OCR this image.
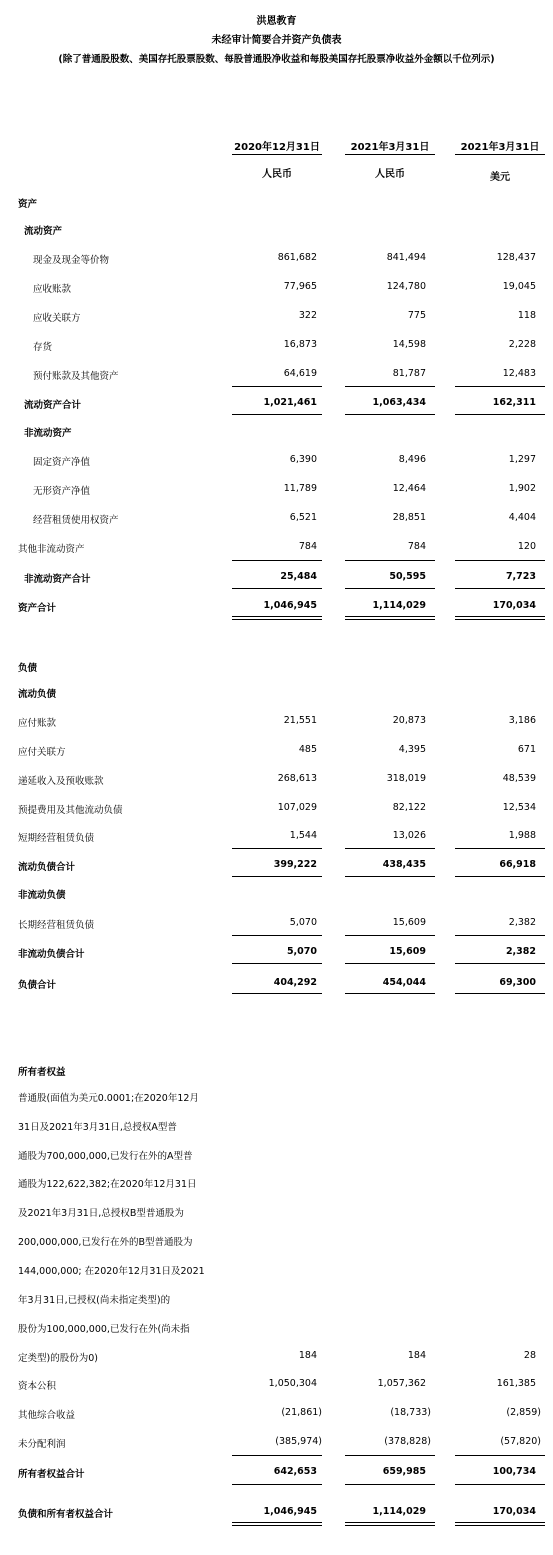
洪恩教育
未经审计简要合并资产负债表
(除了普通股股数、美国存托股票股数、每股普通股净收益和每股美国存托股票净收益外金额以千位列示)
2020年12月31日	2021年3月31日	2021年3月31日
人民币	人民币	美元
资产
流动资产
现金及现金等价物	861,682	841,494	128,437
应收账款	77,965	124,780	19,045
应收关联方	322	775	118
存货	16,873	14,598	2,228
预付账款及其他资产	64,619	81,787	12,483
流动资产合计	1,021,461	1,063,434	162,311
非流动资产
固定资产净值	6,390	8,496	1,297
无形资产净值	11,789	12,464	1,902
经营租赁使用权资产	6,521	28,851	4,404
其他非流动资产	784	784	120
非流动资产合计	25,484	50,595	7,723
资产合计	1,046,945	1,114,029	170,034
负债
流动负债
应付账款	21,551	20,873	3,186
应付关联方	485	4,395	671
递延收入及预收账款	268,613	318,019	48,539
预提费用及其他流动负债	107,029	82,122	12,534
短期经营租赁负债	1,544	13,026	1,988
流动负债合计	399,222	438,435	66,918
非流动负债
长期经营租赁负债	5,070	15,609	2,382
非流动负债合计	5,070	15,609	2,382
负债合计	404,292	454,044	69,300
所有者权益
普通股(面值为美元0.0001;在2020年12月
31日及2021年3月31日,总授权A型普
通股为700,000,000,已发行在外的A型普
通股为122,622,382;在2020年12月31日
及2021年3月31日,总授权B型普通股为
200,000,000,已发行在外的B型普通股为
144,000,000; 在2020年12月31日及2021
年3月31日,已授权(尚未指定类型)的
股份为100,000,000,已发行在外(尚未指
定类型)的股份为0)	184	184	28
资本公积	1,050,304	1,057,362	161,385
其他综合收益	(21,861)	(18,733)	(2,859)
未分配利润	(385,974)	(378,828)	(57,820)
所有者权益合计	642,653	659,985	100,734
负债和所有者权益合计	1,046,945	1,114,029	170,034
